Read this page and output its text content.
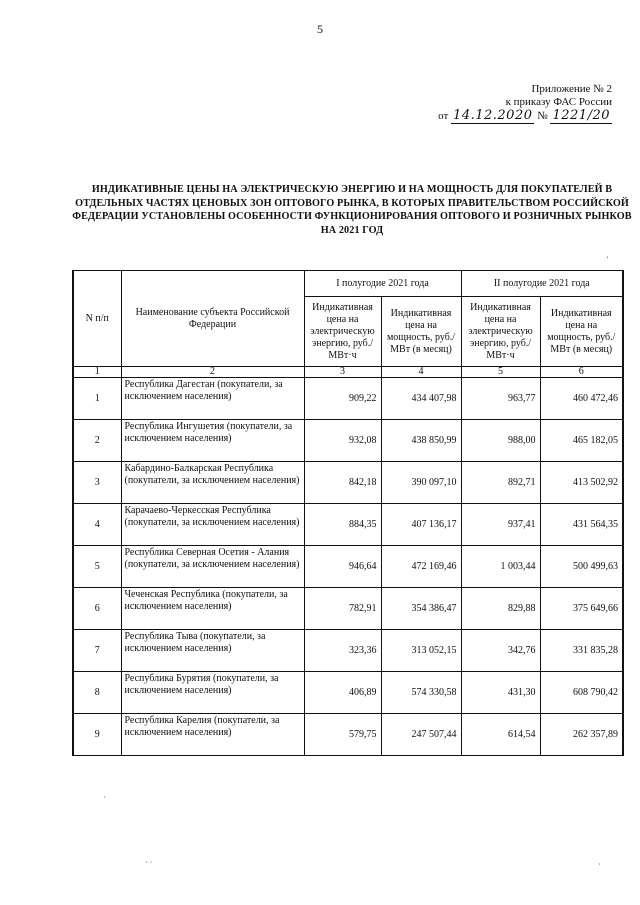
5
Приложение № 2
к приказу ФАС России
от 14.12.2020 № 1221/20
ИНДИКАТИВНЫЕ ЦЕНЫ НА ЭЛЕКТРИЧЕСКУЮ ЭНЕРГИЮ И НА МОЩНОСТЬ ДЛЯ ПОКУПАТЕЛЕЙ В ОТДЕЛЬНЫХ ЧАСТЯХ ЦЕНОВЫХ ЗОН ОПТОВОГО РЫНКА, В КОТОРЫХ ПРАВИТЕЛЬСТВОМ РОССИЙСКОЙ ФЕДЕРАЦИИ УСТАНОВЛЕНЫ ОСОБЕННОСТИ ФУНКЦИОНИРОВАНИЯ ОПТОВОГО И РОЗНИЧНЫХ РЫНКОВ НА 2021 ГОД
N п/п	Наименование субъекта Российской Федерации	I полугодие 2021 года		II полугодие 2021 года	
		Индикативная цена на электрическую энергию, руб./МВт·ч	Индикативная цена на мощность, руб./МВт (в месяц)	Индикативная цена на электрическую энергию, руб./МВт·ч	Индикативная цена на мощность, руб./МВт (в месяц)
1	2	3	4	5	6
1	Республика Дагестан (покупатели, за исключением населения)	909,22	434 407,98	963,77	460 472,46
2	Республика Ингушетия (покупатели, за исключением населения)	932,08	438 850,99	988,00	465 182,05
3	Кабардино-Балкарская Республика (покупатели, за исключением населения)	842,18	390 097,10	892,71	413 502,92
4	Карачаево-Черкесская Республика (покупатели, за исключением населения)	884,35	407 136,17	937,41	431 564,35
5	Республика Северная Осетия - Алания (покупатели, за исключением населения)	946,64	472 169,46	1 003,44	500 499,63
6	Чеченская Республика (покупатели, за исключением населения)	782,91	354 386,47	829,88	375 649,66
7	Республика Тыва (покупатели, за исключением населения)	323,36	313 052,15	342,76	331 835,28
8	Республика Бурятия (покупатели, за исключением населения)	406,89	574 330,58	431,30	608 790,42
9	Республика Карелия (покупатели, за исключением населения)	579,75	247 507,44	614,54	262 357,89
'
·
· ·	·
